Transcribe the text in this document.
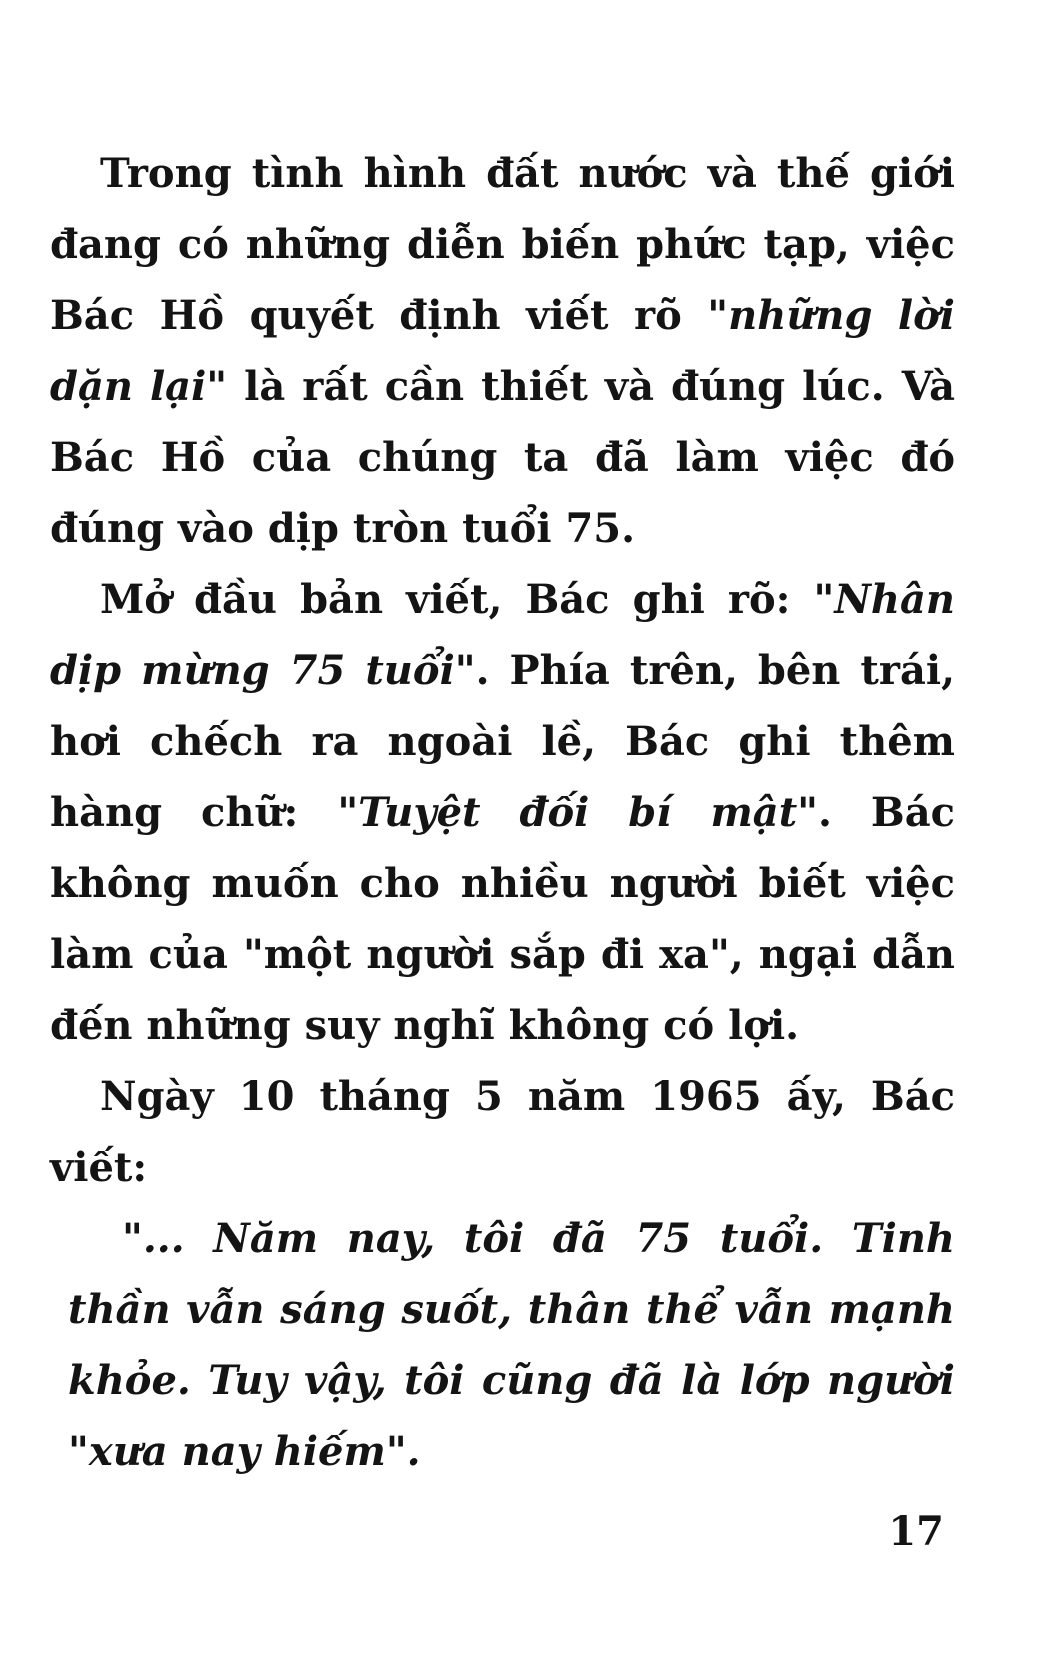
Trong tình hình đất nước và thế giới đang có những diễn biến phức tạp, việc Bác Hồ quyết định viết rõ "những lời dặn lại" là rất cần thiết và đúng lúc. Và Bác Hồ của chúng ta đã làm việc đó đúng vào dịp tròn tuổi 75.

Mở đầu bản viết, Bác ghi rõ: "Nhân dịp mừng 75 tuổi". Phía trên, bên trái, hơi chếch ra ngoài lề, Bác ghi thêm hàng chữ: "Tuyệt đối bí mật". Bác không muốn cho nhiều người biết việc làm của "một người sắp đi xa", ngại dẫn đến những suy nghĩ không có lợi.

Ngày 10 tháng 5 năm 1965 ấy, Bác viết:

"... Năm nay, tôi đã 75 tuổi. Tinh thần vẫn sáng suốt, thân thể vẫn mạnh khỏe. Tuy vậy, tôi cũng đã là lớp người "xưa nay hiếm".

17
